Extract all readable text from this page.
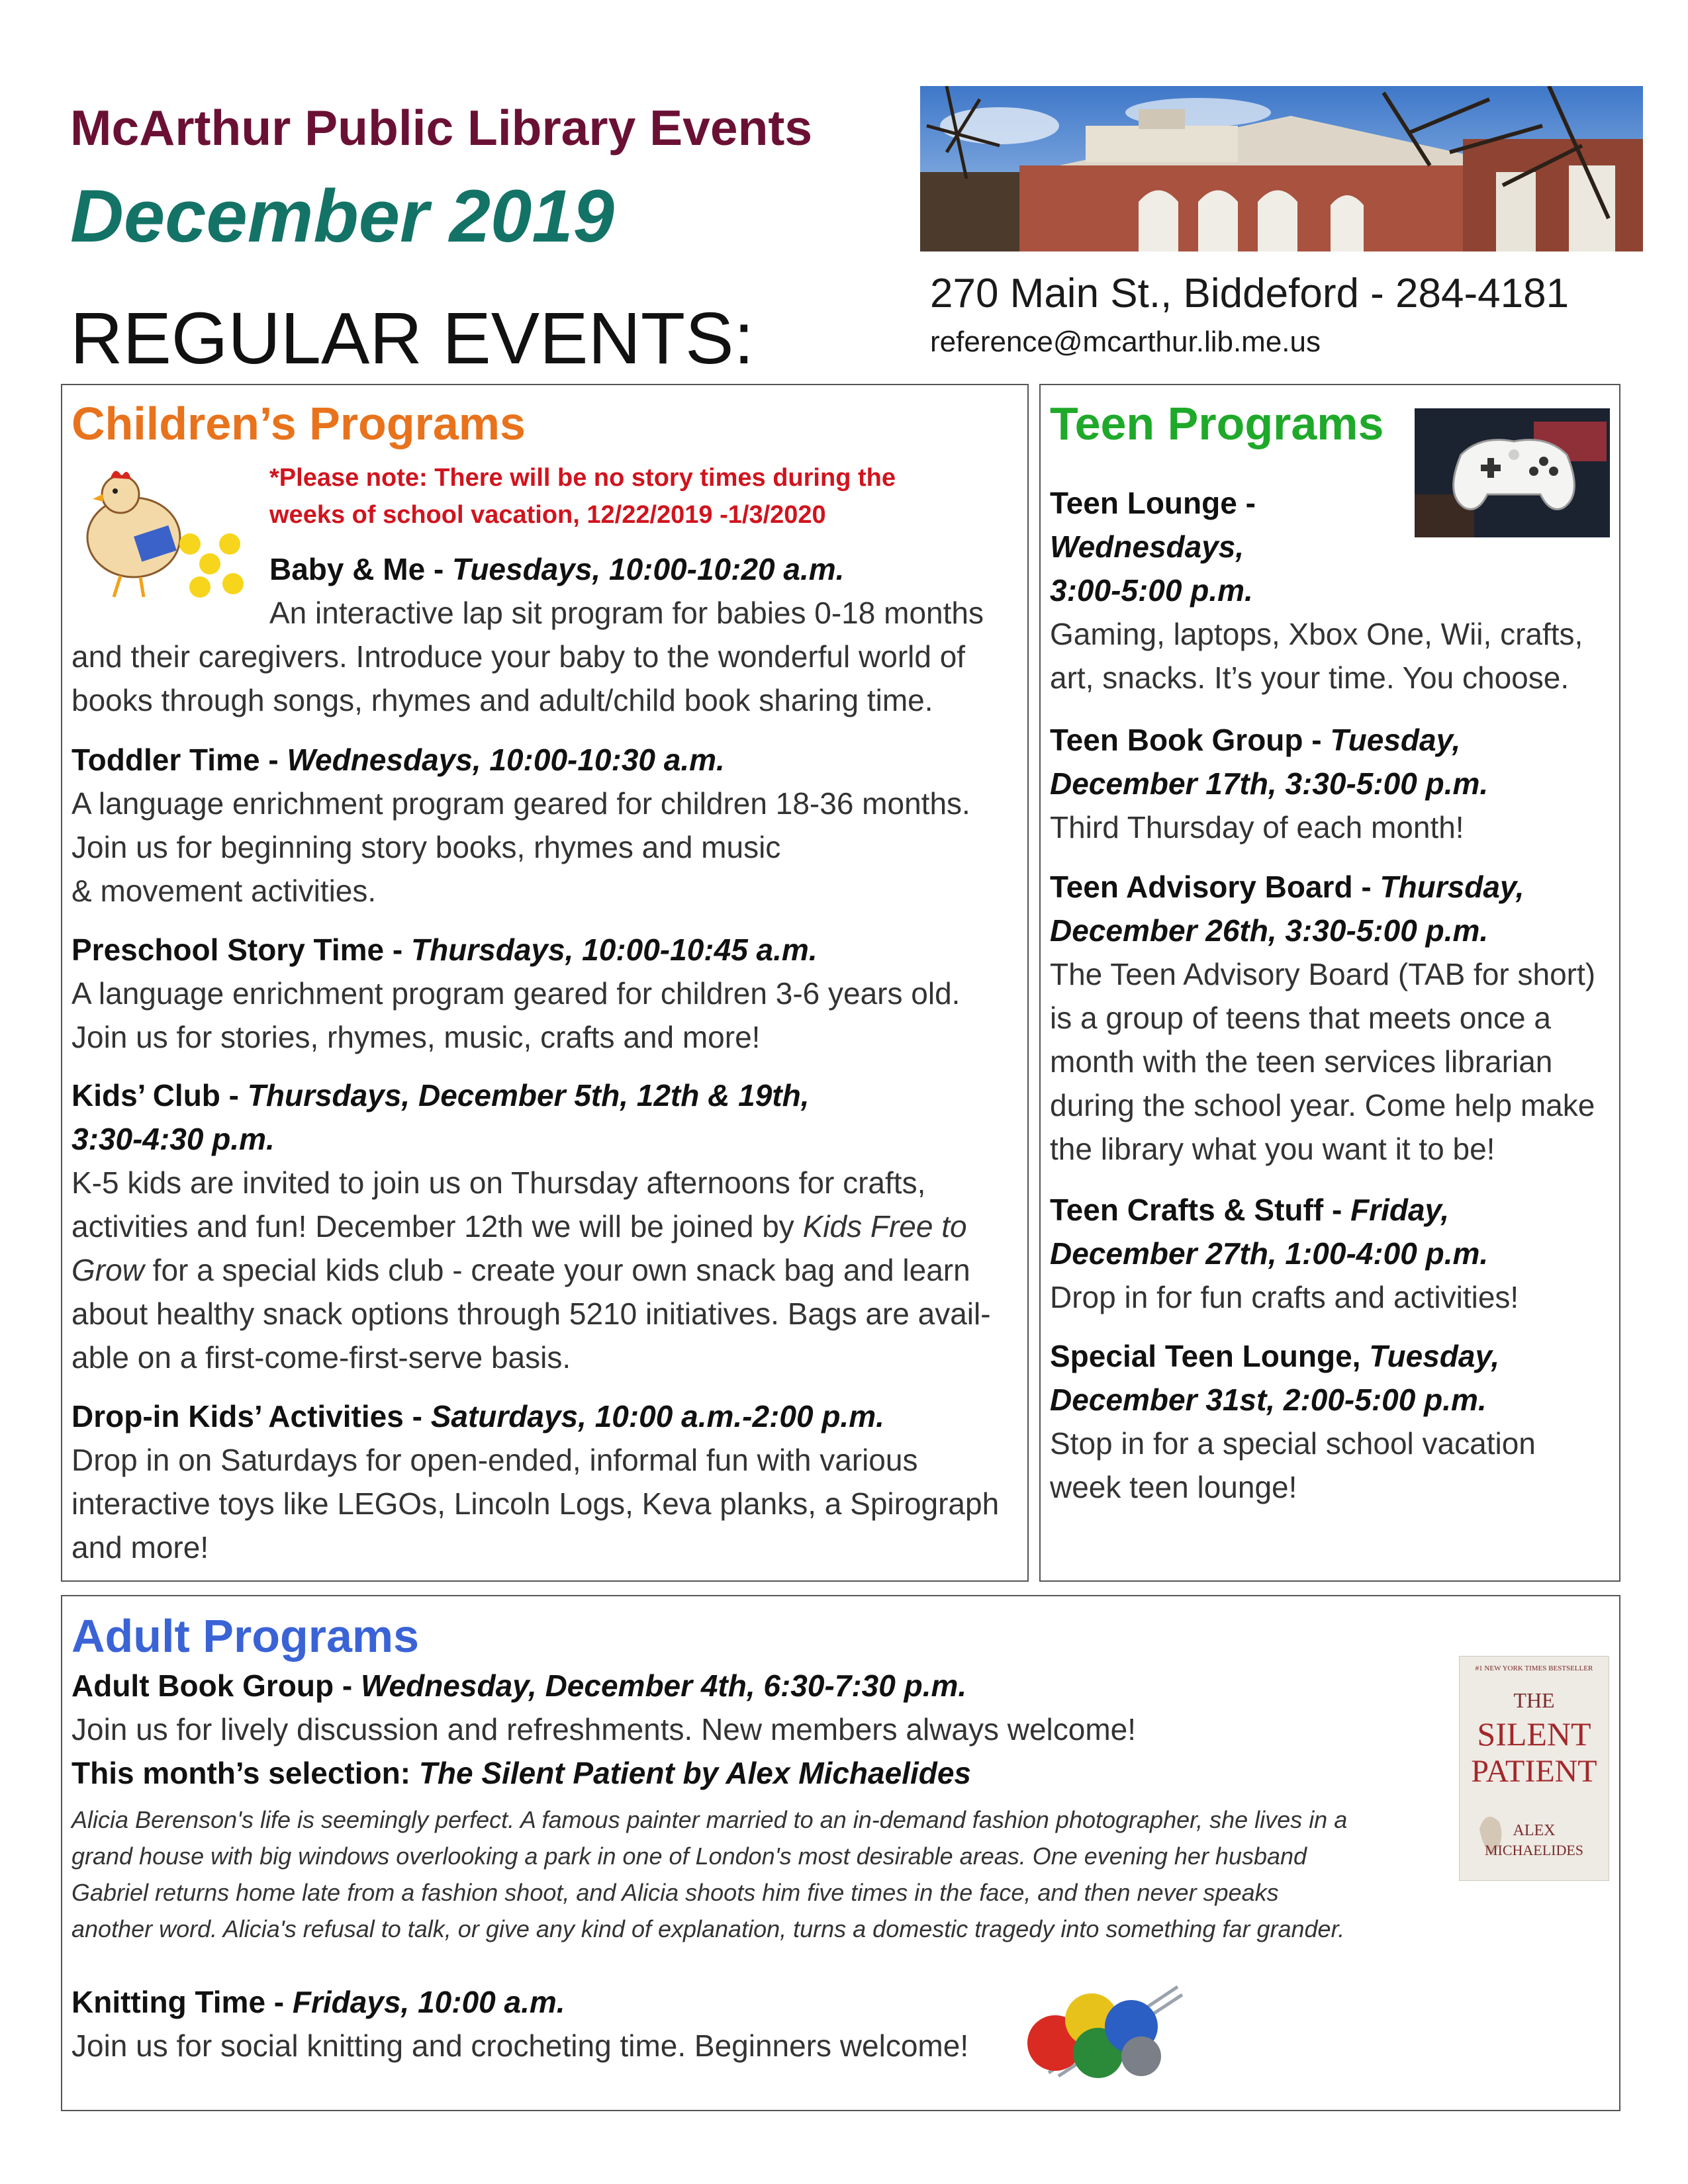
McArthur Public Library Events
December 2019
REGULAR EVENTS:
270 Main St., Biddeford - 284-4181
reference@mcarthur.lib.me.us
Children’s Programs
*Please note: There will be no story times during the
weeks of school vacation, 12/22/2019 -1/3/2020
Baby & Me - Tuesdays, 10:00-10:20 a.m.
An interactive lap sit program for babies 0-18 months
and their caregivers. Introduce your baby to the wonderful world of
books through songs, rhymes and adult/child book sharing time.
Toddler Time - Wednesdays, 10:00-10:30 a.m.
A language enrichment program geared for children 18-36 months.
Join us for beginning story books, rhymes and music
& movement activities.
Preschool Story Time - Thursdays, 10:00-10:45 a.m.
A language enrichment program geared for children 3-6 years old.
Join us for stories, rhymes, music, crafts and more!
Kids’ Club - Thursdays, December 5th, 12th & 19th,
3:30-4:30 p.m.
K-5 kids are invited to join us on Thursday afternoons for crafts,
activities and fun! December 12th we will be joined by Kids Free to
Grow for a special kids club - create your own snack bag and learn
about healthy snack options through 5210 initiatives. Bags are avail-
able on a first-come-first-serve basis.
Drop-in Kids’ Activities - Saturdays, 10:00 a.m.-2:00 p.m.
Drop in on Saturdays for open-ended, informal fun with various
interactive toys like LEGOs, Lincoln Logs, Keva planks, a Spirograph
and more!
Teen Programs
Teen Lounge -
Wednesdays,
3:00-5:00 p.m.
Gaming, laptops, Xbox One, Wii, crafts,
art, snacks. It’s your time. You choose.
Teen Book Group - Tuesday,
December 17th, 3:30-5:00 p.m.
Third Thursday of each month!
Teen Advisory Board - Thursday,
December 26th, 3:30-5:00 p.m.
The Teen Advisory Board (TAB for short)
is a group of teens that meets once a
month with the teen services librarian
during the school year. Come help make
the library what you want it to be!
Teen Crafts & Stuff - Friday,
December 27th, 1:00-4:00 p.m.
Drop in for fun crafts and activities!
Special Teen Lounge, Tuesday,
December 31st, 2:00-5:00 p.m.
Stop in for a special school vacation
week teen lounge!
Adult Programs
Adult Book Group - Wednesday, December 4th, 6:30-7:30 p.m.
Join us for lively discussion and refreshments. New members always welcome!
This month’s selection: The Silent Patient by Alex Michaelides
Alicia Berenson's life is seemingly perfect. A famous painter married to an in-demand fashion photographer, she lives in a
grand house with big windows overlooking a park in one of London's most desirable areas. One evening her husband
Gabriel returns home late from a fashion shoot, and Alicia shoots him five times in the face, and then never speaks
another word. Alicia's refusal to talk, or give any kind of explanation, turns a domestic tragedy into something far grander.
#1 NEW YORK TIMES BESTSELLER
THE
SILENT
PATIENT
ALEX
MICHAELIDES
Knitting Time - Fridays, 10:00 a.m.
Join us for social knitting and crocheting time. Beginners welcome!
